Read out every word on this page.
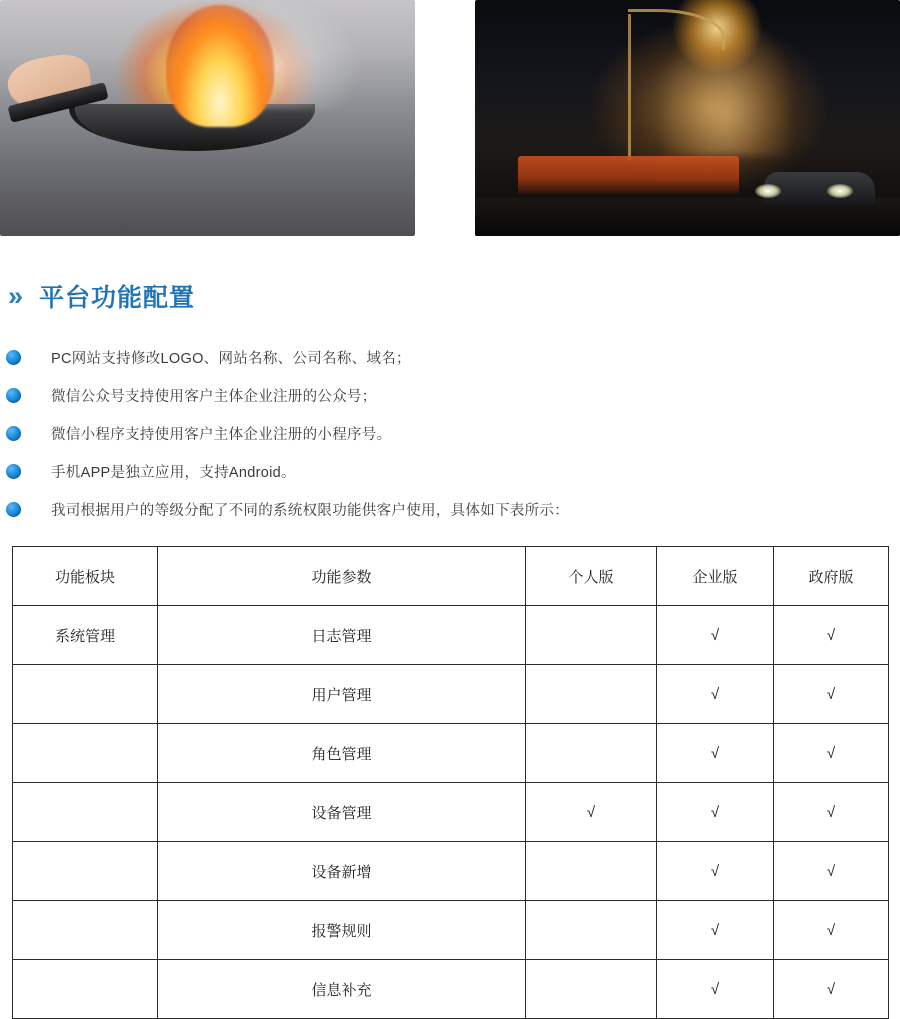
» 平台功能配置
PC网站支持修改LOGO、网站名称、公司名称、域名；
微信公众号支持使用客户主体企业注册的公众号；
微信小程序支持使用客户主体企业注册的小程序号。
手机APP是独立应用，支持Android。
我司根据用户的等级分配了不同的系统权限功能供客户使用，具体如下表所示：
功能板块	功能参数	个人版	企业版	政府版
系统管理	日志管理		√	√
	用户管理		√	√
	角色管理		√	√
	设备管理	√	√	√
	设备新增		√	√
	报警规则		√	√
	信息补充		√	√
